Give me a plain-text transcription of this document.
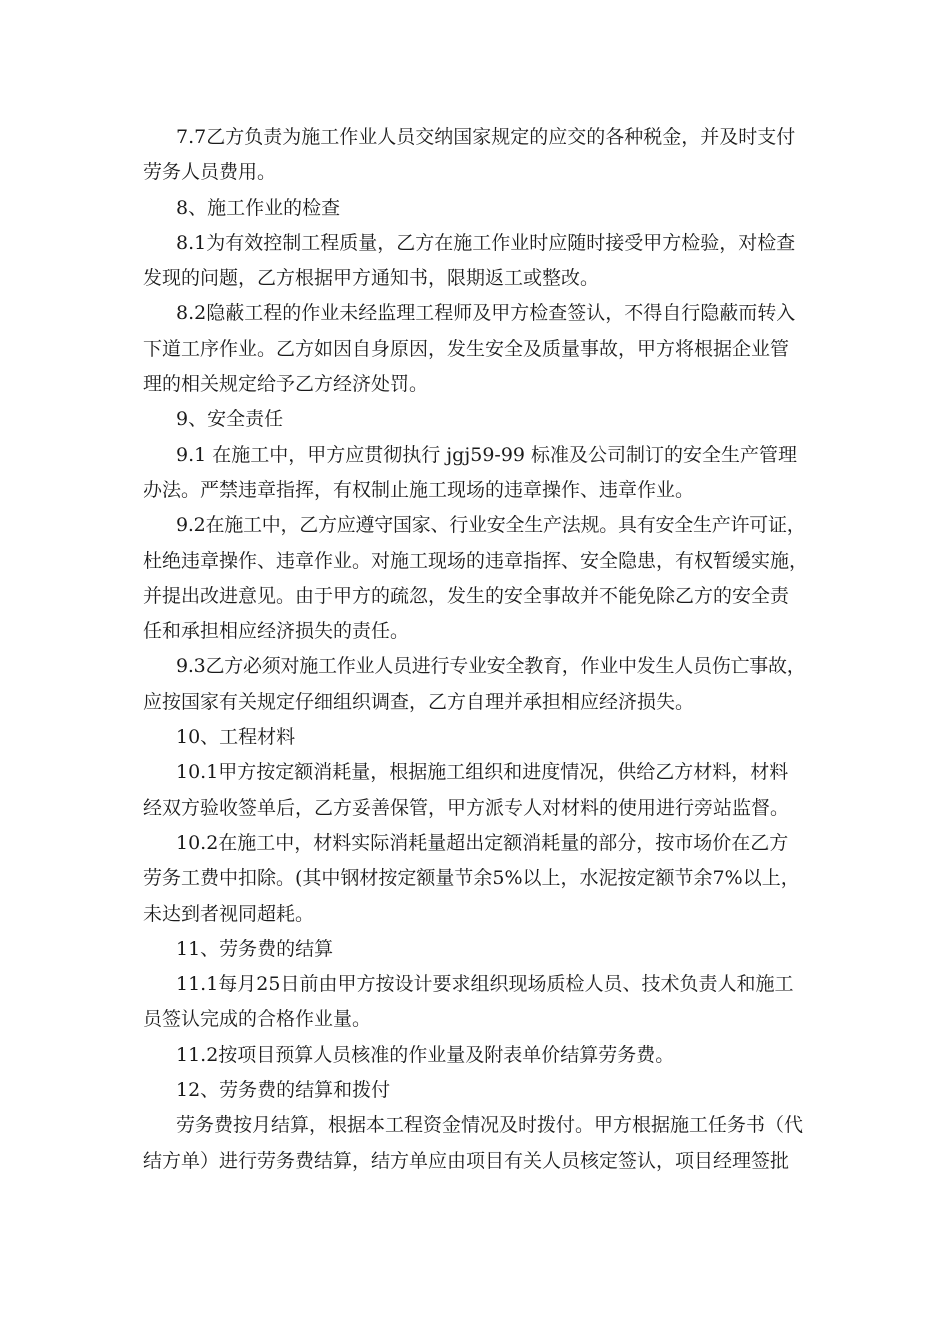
7.7乙方负责为施工作业人员交纳国家规定的应交的各种税金，并及时支付
劳务人员费用。
8、施工作业的检查
8.1为有效控制工程质量，乙方在施工作业时应随时接受甲方检验，对检查
发现的问题，乙方根据甲方通知书，限期返工或整改。
8.2隐蔽工程的作业未经监理工程师及甲方检查签认，不得自行隐蔽而转入
下道工序作业。乙方如因自身原因，发生安全及质量事故，甲方将根据企业管
理的相关规定给予乙方经济处罚。
9、安全责任
9.1 在施工中，甲方应贯彻执行 jgj59-99 标准及公司制订的安全生产管理
办法。严禁违章指挥，有权制止施工现场的违章操作、违章作业。
9.2在施工中，乙方应遵守国家、行业安全生产法规。具有安全生产许可证，
杜绝违章操作、违章作业。对施工现场的违章指挥、安全隐患，有权暂缓实施，
并提出改进意见。由于甲方的疏忽，发生的安全事故并不能免除乙方的安全责
任和承担相应经济损失的责任。
9.3乙方必须对施工作业人员进行专业安全教育，作业中发生人员伤亡事故，
应按国家有关规定仔细组织调查，乙方自理并承担相应经济损失。
10、工程材料
10.1甲方按定额消耗量，根据施工组织和进度情况，供给乙方材料，材料
经双方验收签单后，乙方妥善保管，甲方派专人对材料的使用进行旁站监督。
10.2在施工中，材料实际消耗量超出定额消耗量的部分，按市场价在乙方
劳务工费中扣除。(其中钢材按定额量节余5%以上，水泥按定额节余7%以上，
未达到者视同超耗。
11、劳务费的结算
11.1每月25日前由甲方按设计要求组织现场质检人员、技术负责人和施工
员签认完成的合格作业量。
11.2按项目预算人员核准的作业量及附表单价结算劳务费。
12、劳务费的结算和拨付
劳务费按月结算，根据本工程资金情况及时拨付。甲方根据施工任务书（代
结方单）进行劳务费结算，结方单应由项目有关人员核定签认，项目经理签批
